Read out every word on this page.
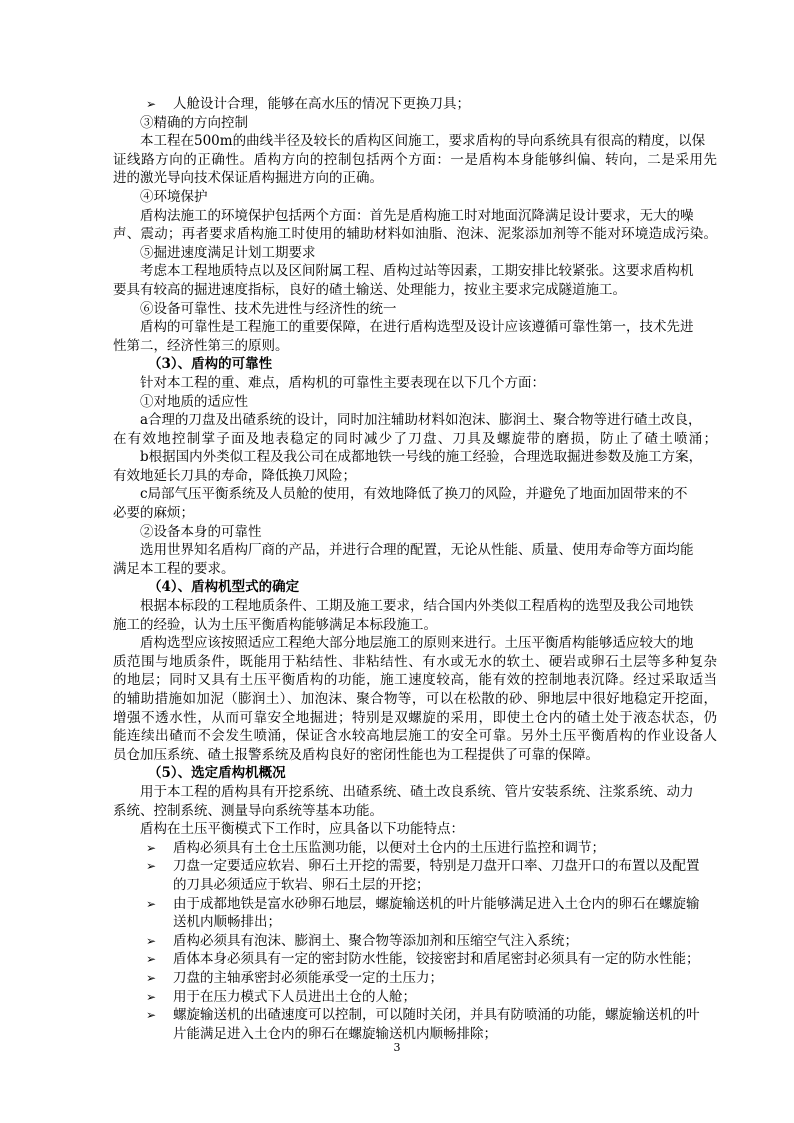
➢ 人舱设计合理，能够在高水压的情况下更换刀具；
③精确的方向控制
本工程在500m的曲线半径及较长的盾构区间施工，要求盾构的导向系统具有很高的精度，以保
证线路方向的正确性。盾构方向的控制包括两个方面：一是盾构本身能够纠偏、转向，二是采用先
进的激光导向技术保证盾构掘进方向的正确。
④环境保护
盾构法施工的环境保护包括两个方面：首先是盾构施工时对地面沉降满足设计要求，无大的噪
声、震动；再者要求盾构施工时使用的辅助材料如油脂、泡沫、泥浆添加剂等不能对环境造成污染。
⑤掘进速度满足计划工期要求
考虑本工程地质特点以及区间附属工程、盾构过站等因素，工期安排比较紧张。这要求盾构机
要具有较高的掘进速度指标，良好的碴土输送、处理能力，按业主要求完成隧道施工。
⑥设备可靠性、技术先进性与经济性的统一
盾构的可靠性是工程施工的重要保障，在进行盾构选型及设计应该遵循可靠性第一，技术先进
性第二，经济性第三的原则。
（3）、盾构的可靠性
针对本工程的重、难点，盾构机的可靠性主要表现在以下几个方面：
①对地质的适应性
a合理的刀盘及出碴系统的设计，同时加注辅助材料如泡沫、膨润土、聚合物等进行碴土改良，
在有效地控制掌子面及地表稳定的同时减少了刀盘、刀具及螺旋带的磨损，防止了碴土喷涌；
b根据国内外类似工程及我公司在成都地铁一号线的施工经验，合理选取掘进参数及施工方案，
有效地延长刀具的寿命，降低换刀风险；
c局部气压平衡系统及人员舱的使用，有效地降低了换刀的风险，并避免了地面加固带来的不
必要的麻烦；
②设备本身的可靠性
选用世界知名盾构厂商的产品，并进行合理的配置，无论从性能、质量、使用寿命等方面均能
满足本工程的要求。
（4）、盾构机型式的确定
根据本标段的工程地质条件、工期及施工要求，结合国内外类似工程盾构的选型及我公司地铁
施工的经验，认为土压平衡盾构能够满足本标段施工。
盾构选型应该按照适应工程绝大部分地层施工的原则来进行。土压平衡盾构能够适应较大的地
质范围与地质条件，既能用于粘结性、非粘结性、有水或无水的软土、硬岩或卵石土层等多种复杂
的地层；同时又具有土压平衡盾构的功能，施工速度较高，能有效的控制地表沉降。经过采取适当
的辅助措施如加泥（膨润土）、加泡沫、聚合物等，可以在松散的砂、卵地层中很好地稳定开挖面，
增强不透水性，从而可靠安全地掘进；特别是双螺旋的采用，即使土仓内的碴土处于液态状态，仍
能连续出碴而不会发生喷涌，保证含水较高地层施工的安全可靠。另外土压平衡盾构的作业设备人
员仓加压系统、碴土报警系统及盾构良好的密闭性能也为工程提供了可靠的保障。
（5）、选定盾构机概况
用于本工程的盾构具有开挖系统、出碴系统、碴土改良系统、管片安装系统、注浆系统、动力
系统、控制系统、测量导向系统等基本功能。
盾构在土压平衡模式下工作时，应具备以下功能特点：
➢ 盾构必须具有土仓土压监测功能，以便对土仓内的土压进行监控和调节；
➢ 刀盘一定要适应软岩、卵石土开挖的需要，特别是刀盘开口率、刀盘开口的布置以及配置
的刀具必须适应于软岩、卵石土层的开挖；
➢ 由于成都地铁是富水砂卵石地层，螺旋输送机的叶片能够满足进入土仓内的卵石在螺旋输
送机内顺畅排出；
➢ 盾构必须具有泡沫、膨润土、聚合物等添加剂和压缩空气注入系统；
➢ 盾体本身必须具有一定的密封防水性能，铰接密封和盾尾密封必须具有一定的防水性能；
➢ 刀盘的主轴承密封必须能承受一定的土压力；
➢ 用于在压力模式下人员进出土仓的人舱；
➢ 螺旋输送机的出碴速度可以控制，可以随时关闭，并具有防喷涌的功能，螺旋输送机的叶
片能满足进入土仓内的卵石在螺旋输送机内顺畅排除；
3
